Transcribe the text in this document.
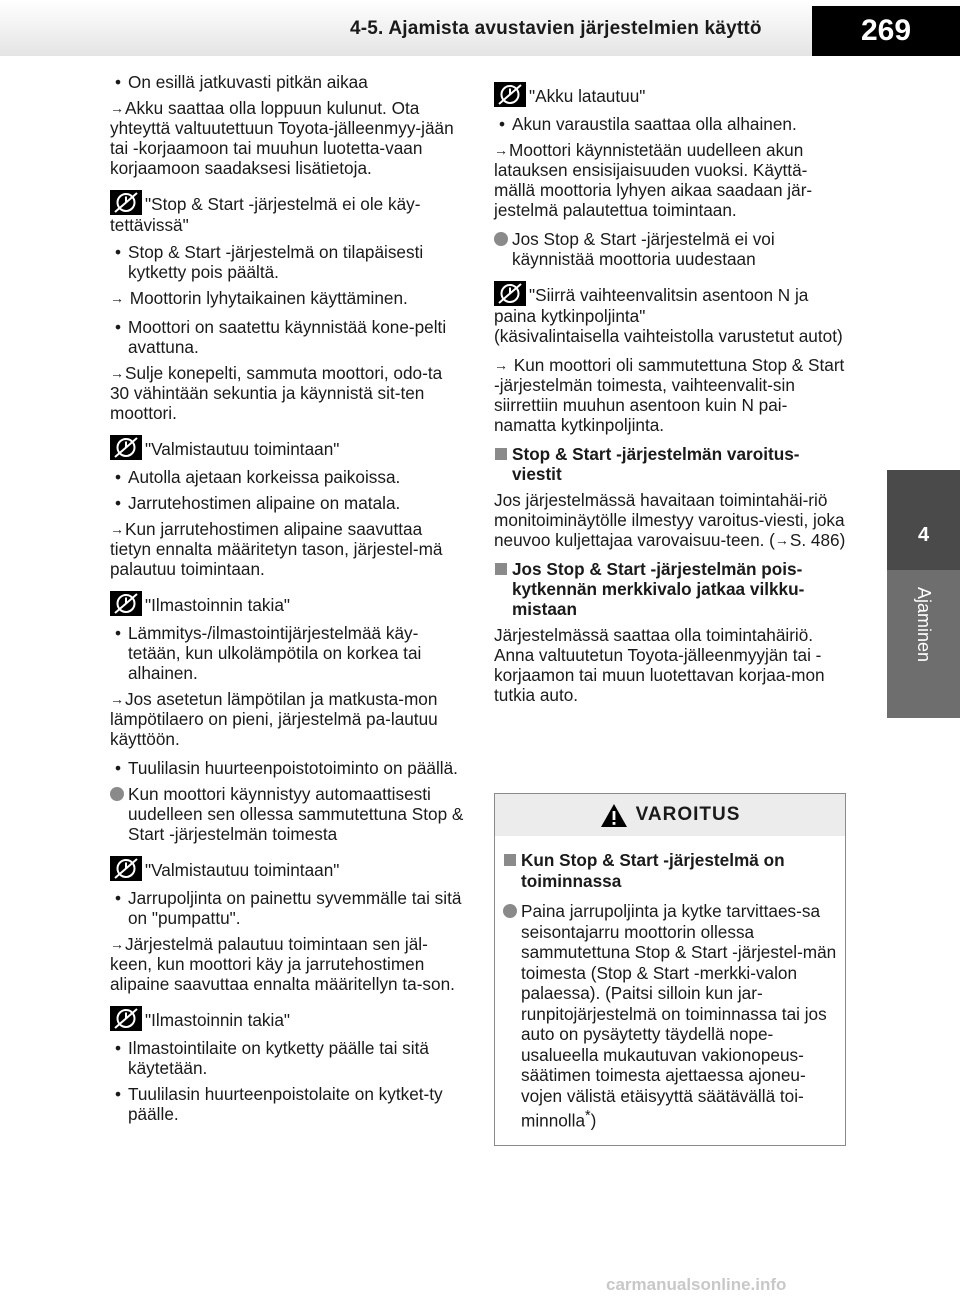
4-5. Ajamista avustavien järjestelmien käyttö	269
4
Ajaminen
• On esillä jatkuvasti pitkän aikaa
→Akku saattaa olla loppuun kulunut. Ota yhteyttä valtuutettuun Toyota-jälleenmyy-jään tai -korjaamoon tai muuhun luotetta-vaan korjaamoon saadaksesi lisätietoja.
"Stop & Start -järjestelmä ei ole käy-tettävissä"
• Stop & Start -järjestelmä on tilapäisesti kytketty pois päältä.
→ Moottorin lyhytaikainen käyttäminen.
• Moottori on saatettu käynnistää kone-pelti avattuna.
→Sulje konepelti, sammuta moottori, odo-ta 30 vähintään sekuntia ja käynnistä sit-ten moottori.
"Valmistautuu toimintaan"
• Autolla ajetaan korkeissa paikoissa.
• Jarrutehostimen alipaine on matala.
→Kun jarrutehostimen alipaine saavuttaa tietyn ennalta määritetyn tason, järjestel-mä palautuu toimintaan.
"Ilmastoinnin takia"
• Lämmitys-/ilmastointijärjestelmää käy-tetään, kun ulkolämpötila on korkea tai alhainen.
→Jos asetetun lämpötilan ja matkusta-mon lämpötilaero on pieni, järjestelmä pa-lautuu käyttöön.
• Tuulilasin huurteenpoistotoiminto on päällä.
Kun moottori käynnistyy automaattisesti uudelleen sen ollessa sammutettuna Stop & Start -järjestelmän toimesta
"Valmistautuu toimintaan"
• Jarrupoljinta on painettu syvemmälle tai sitä on "pumpattu".
→Järjestelmä palautuu toimintaan sen jäl-keen, kun moottori käy ja jarrutehostimen alipaine saavuttaa ennalta määritellyn ta-son.
"Ilmastoinnin takia"
• Ilmastointilaite on kytketty päälle tai sitä käytetään.
• Tuulilasin huurteenpoistolaite on kytket-ty päälle.
"Akku latautuu"
• Akun varaustila saattaa olla alhainen.
→Moottori käynnistetään uudelleen akun latauksen ensisijaisuuden vuoksi. Käyttä-mällä moottoria lyhyen aikaa saadaan jär-jestelmä palautettua toimintaan.
Jos Stop & Start -järjestelmä ei voi käynnistää moottoria uudestaan
"Siirrä vaihteenvalitsin asentoon N ja paina kytkinpoljinta"
(käsivalintaisella vaihteistolla varustetut autot)
→ Kun moottori oli sammutettuna Stop & Start -järjestelmän toimesta, vaihteenvalit-sin siirrettiin muuhun asentoon kuin N pai-namatta kytkinpoljinta.
Stop & Start -järjestelmän varoitus-viestit
Jos järjestelmässä havaitaan toimintahäi-riö monitoiminäytölle ilmestyy varoitus-viesti, joka neuvoo kuljettajaa varovaisuu-teen. (→S. 486)
Jos Stop & Start -järjestelmän pois-kytkennän merkkivalo jatkaa vilkku-mistaan
Järjestelmässä saattaa olla toimintahäiriö. Anna valtuutetun Toyota-jälleenmyyjän tai -korjaamon tai muun luotettavan korjaa-mon tutkia auto.
VAROITUS
Kun Stop & Start -järjestelmä on toiminnassa
Paina jarrupoljinta ja kytke tarvittaes-sa seisontajarru moottorin ollessa sammutettuna Stop & Start -järjestel-män toimesta (Stop & Start -merkki-valon palaessa). (Paitsi silloin kun jar-runpitojärjestelmä on toiminnassa tai jos auto on pysäytetty täydellä nope-usalueella mukautuvan vakionopeus-säätimen toimesta ajettaessa ajoneu-vojen välistä etäisyyttä säätävällä toi-minnolla*)
carmanualsonline.info
